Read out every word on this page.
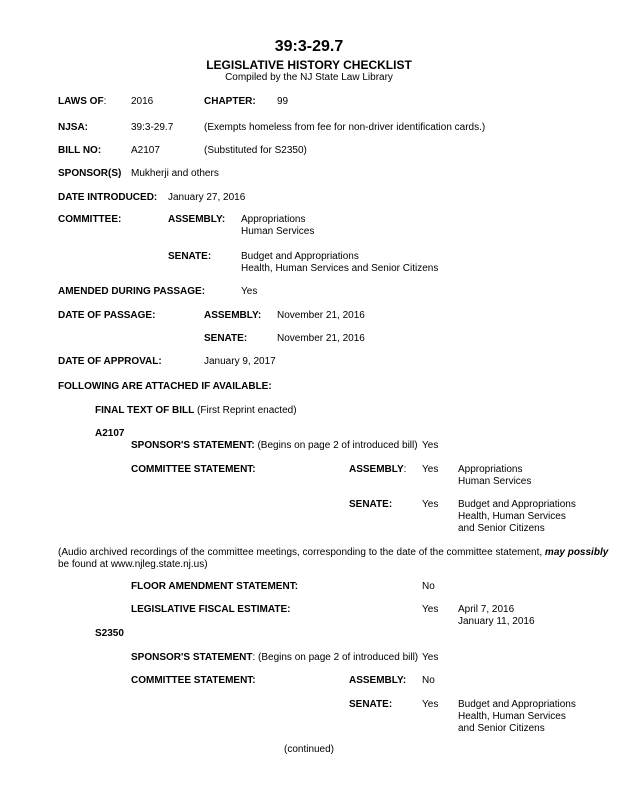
39:3-29.7
LEGISLATIVE HISTORY CHECKLIST
Compiled by the NJ State Law Library
LAWS OF: 2016	CHAPTER: 99
NJSA:	39:3-29.7	(Exempts homeless from fee for non-driver identification cards.)
BILL NO:	A2107	(Substituted for S2350)
SPONSOR(S) Mukherji and others
DATE INTRODUCED: January 27, 2016
COMMITTEE:	ASSEMBLY: Appropriations
Human Services
SENATE:	Budget and Appropriations
Health, Human Services and Senior Citizens
AMENDED DURING PASSAGE:	Yes
DATE OF PASSAGE:	ASSEMBLY: November 21, 2016
SENATE:	November 21, 2016
DATE OF APPROVAL:	January 9, 2017
FOLLOWING ARE ATTACHED IF AVAILABLE:
FINAL TEXT OF BILL (First Reprint enacted)
A2107
SPONSOR'S STATEMENT: (Begins on page 2 of introduced bill) Yes
COMMITTEE STATEMENT:	ASSEMBLY: Yes Appropriations
Human Services
SENATE:	Yes Budget and Appropriations
Health, Human Services
and Senior Citizens
(Audio archived recordings of the committee meetings, corresponding to the date of the committee statement, may possibly
be found at www.njleg.state.nj.us)
FLOOR AMENDMENT STATEMENT:	No
LEGISLATIVE FISCAL ESTIMATE:	Yes April 7, 2016
January 11, 2016
S2350
SPONSOR'S STATEMENT: (Begins on page 2 of introduced bill) Yes
COMMITTEE STATEMENT:	ASSEMBLY: No
SENATE:	Yes Budget and Appropriations
Health, Human Services
and Senior Citizens
(continued)
